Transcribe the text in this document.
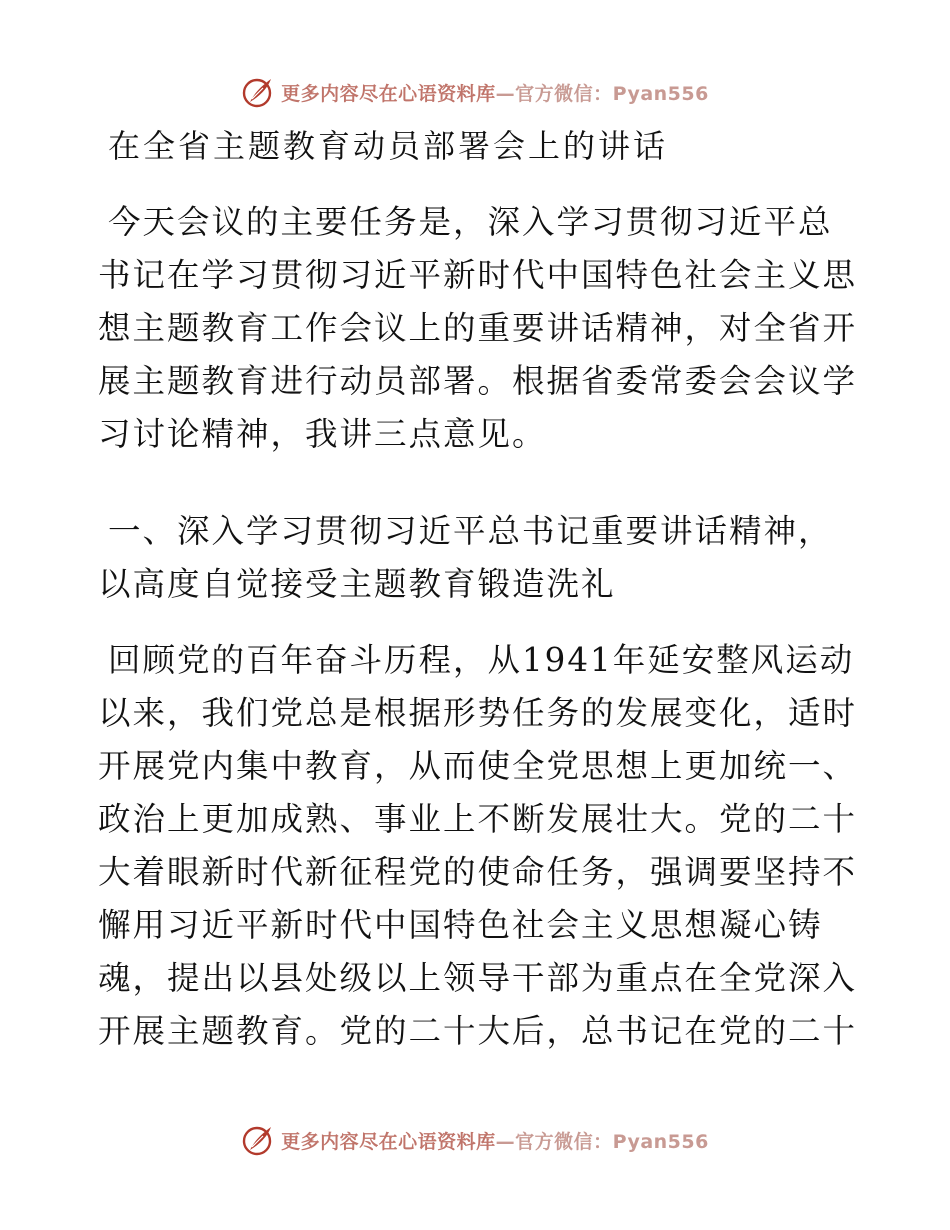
更多内容尽在心语资料库—官方微信：Pyan556
在全省主题教育动员部署会上的讲话
今天会议的主要任务是，深入学习贯彻习近平总
书记在学习贯彻习近平新时代中国特色社会主义思
想主题教育工作会议上的重要讲话精神，对全省开
展主题教育进行动员部署。根据省委常委会会议学
习讨论精神，我讲三点意见。
一、深入学习贯彻习近平总书记重要讲话精神，
以高度自觉接受主题教育锻造洗礼
回顾党的百年奋斗历程，从1941年延安整风运动
以来，我们党总是根据形势任务的发展变化，适时
开展党内集中教育，从而使全党思想上更加统一、
政治上更加成熟、事业上不断发展壮大。党的二十
大着眼新时代新征程党的使命任务，强调要坚持不
懈用习近平新时代中国特色社会主义思想凝心铸
魂，提出以县处级以上领导干部为重点在全党深入
开展主题教育。党的二十大后，总书记在党的二十
更多内容尽在心语资料库—官方微信：Pyan556
